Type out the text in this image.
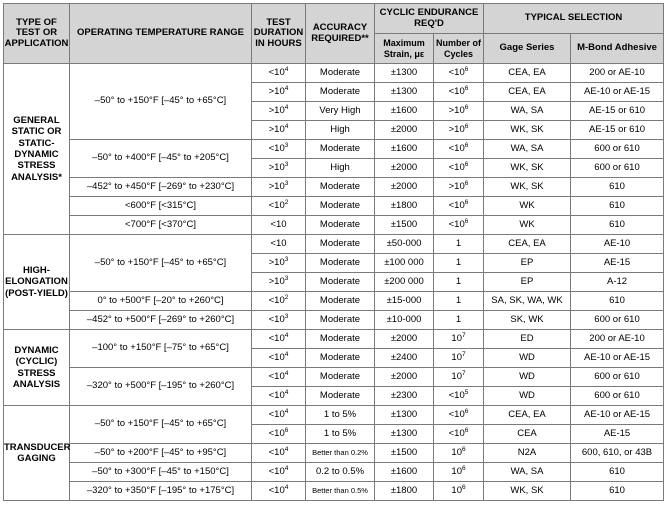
TYPE OF TEST OR APPLICATION	OPERATING TEMPERATURE RANGE	TEST DURATION IN HOURS	ACCURACY REQUIRED**	CYCLIC ENDURANCE REQ'D		TYPICAL SELECTION	
				Maximum Strain, με	Number of Cycles	Gage Series	M-Bond Adhesive
GENERAL STATIC OR STATIC-DYNAMIC STRESS ANALYSIS*	–50° to +150°F [–45° to +65°C]	$<10^4$	Moderate	±1300	$<10^6$	CEA, EA	200 or AE-10
		$>10^4$	Moderate	±1300	$<10^6$	CEA, EA	AE-10 or AE-15
		$>10^4$	Very High	±1600	$>10^6$	WA, SA	AE-15 or 610
		$>10^4$	High	±2000	$>10^6$	WK, SK	AE-15 or 610
	–50° to +400°F [–45° to +205°C]	$<10^3$	Moderate	±1600	$<10^6$	WA, SA	600 or 610
		$>10^3$	High	±2000	$<10^6$	WK, SK	600 or 610
	–452° to +450°F [–269° to +230°C]	$>10^3$	Moderate	±2000	$>10^6$	WK, SK	610
	<600°F [<315°C]	$<10^2$	Moderate	±1800	$<10^6$	WK	610
	<700°F [<370°C]	<10	Moderate	±1500	$<10^6$	WK	610
HIGH-ELONGATION (POST-YIELD)	–50° to +150°F [–45° to +65°C]	<10	Moderate	±50-000	1	CEA, EA	AE-10
		$>10^3$	Moderate	±100 000	1	EP	AE-15
		$>10^3$	Moderate	±200 000	1	EP	A-12
	0° to +500°F [–20° to +260°C]	$<10^2$	Moderate	±15-000	1	SA, SK, WA, WK	610
	–452° to +500°F [–269° to +260°C]	$<10^3$	Moderate	±10-000	1	SK, WK	600 or 610
DYNAMIC (CYCLIC) STRESS ANALYSIS	–100° to +150°F [–75° to +65°C]	$<10^4$	Moderate	±2000	$10^7$	ED	200 or AE-10
		$<10^4$	Moderate	±2400	$10^7$	WD	AE-10 or AE-15
	–320° to +500°F [–195° to +260°C]	$<10^4$	Moderate	±2000	$10^7$	WD	600 or 610
		$<10^4$	Moderate	±2300	$<10^5$	WD	600 or 610
TRANSDUCER GAGING	–50° to +150°F [–45° to +65°C]	$<10^4$	1 to 5%	±1300	$<10^6$	CEA, EA	AE-10 or AE-15
		$<10^6$	1 to 5%	±1300	$<10^6$	CEA	AE-15
	–50° to +200°F [–45° to +95°C]	$<10^4$	Better than 0.2%	±1500	$10^6$	N2A	600, 610, or 43B
	–50° to +300°F [–45° to +150°C]	$<10^4$	0.2 to 0.5%	±1600	$10^6$	WA, SA	610
	–320° to +350°F [–195° to +175°C]	$<10^4$	Better than 0.5%	±1800	$10^6$	WK, SK	610
